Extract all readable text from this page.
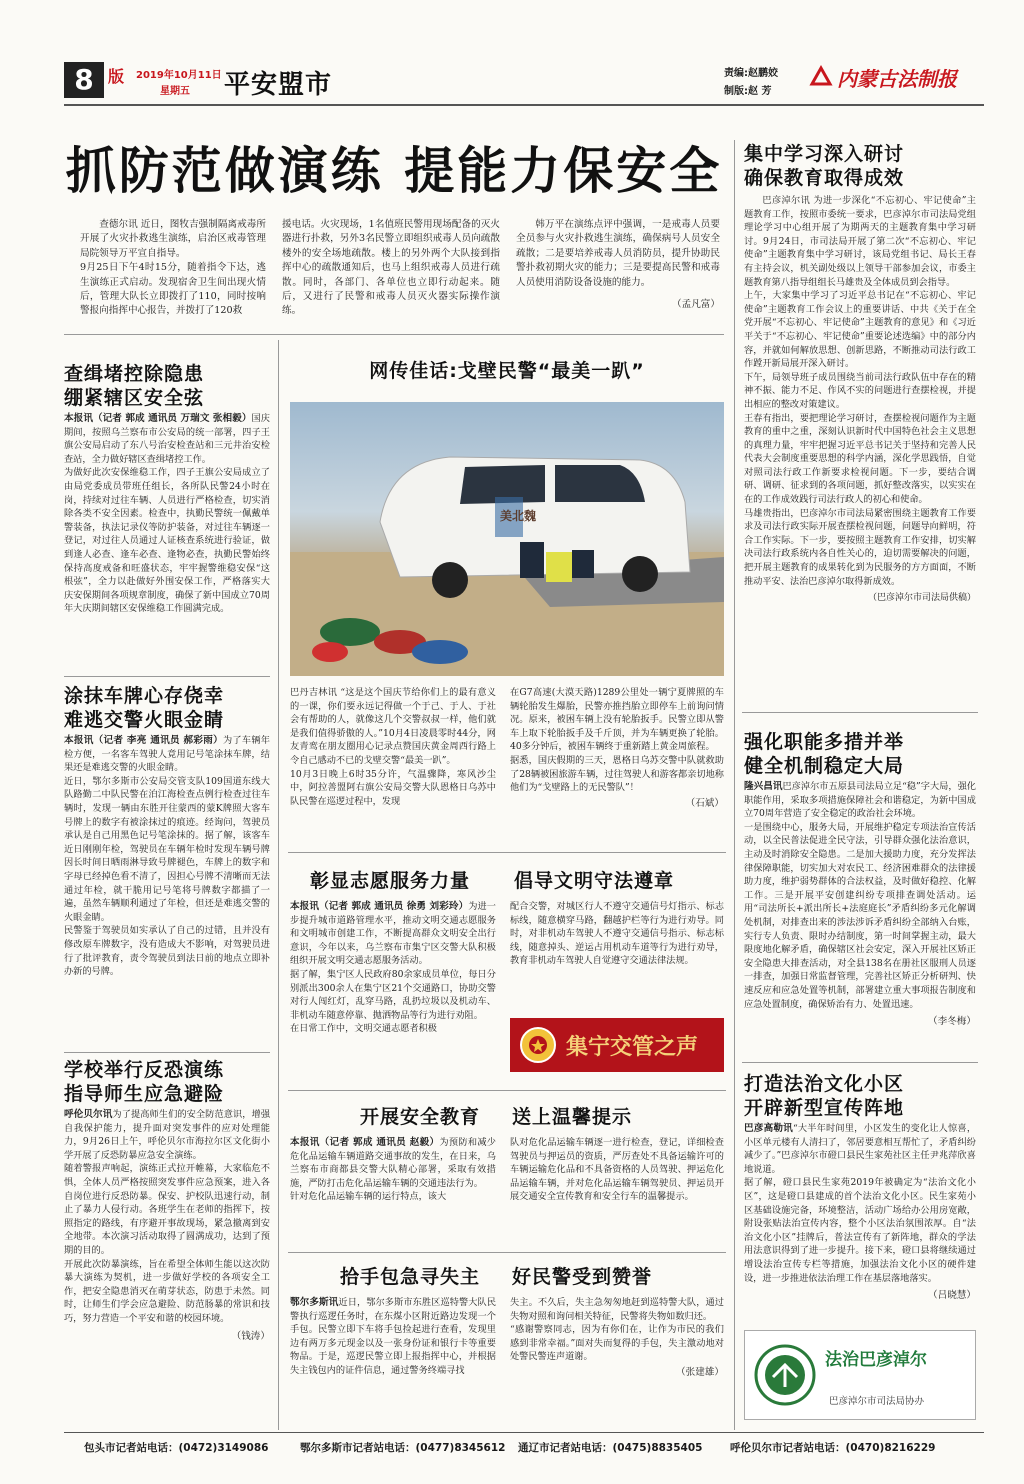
8 版 2019年10月11日
星期五 平安盟市	责编:赵鹏姣
制版:赵 芳
内蒙古法制报
抓防范做演练 提能力保安全

查德尔讯 近日，图牧吉强制隔离戒毒所开展了火灾扑救逃生演练，启治区戒毒管理局院领导万平宣自指导。
9月25日下午4时15分，随着指令下达，逃生演练正式启动。发现宿舍卫生间出现火情后，管理大队长立即拨打了110，同时按响警报向指挥中心报告，并拨打了120救

援电话。火灾现场，1名值班民警用现场配备的灭火器进行扑救，另外3名民警立即组织戒毒人员向疏散楼外的安全场地疏散。楼上的另外两个大队接到指挥中心的疏散通知后，也马上组织戒毒人员进行疏散。同时，各部门、各单位也立即行动起来。随后，又进行了民警和戒毒人员灭火器实际操作演练。

韩万平在演练点评中强调，一是戒毒人员要全员参与火灾扑救逃生演练，确保病号人员安全疏散；二是要培养戒毒人员消防员，提升协助民警扑救初期火灾的能力；三是要提高民警和戒毒人员使用消防设备设施的能力。

（孟凡富）
集中学习深入研讨
确保教育取得成效
巴彦淖尔讯 为进一步深化“不忘初心、牢记使命”主题教育工作，按照市委统一要求，巴彦淖尔市司法局党组理论学习中心组开展了为期两天的主题教育集中学习研讨。9月24日，市司法局开展了第二次“不忘初心、牢记使命”主题教育集中学习研讨，该局党组书记、局长王春有主持会议，机关副处级以上领导干部参加会议，市委主题教育第八指导组组长马雄贵及全体成员到会指导。
上午，大家集中学习了习近平总书记在“不忘初心、牢记使命”主题教育工作会议上的重要讲话、中共《关于在全党开展“不忘初心、牢记使命”主题教育的意见》和《习近平关于“不忘初心、牢记使命”重要论述选编》中的部分内容，并就如何解放思想、创新思路，不断推动司法行政工作蹚开新局展开深入研讨。
下午，局领导班子成员围绕当前司法行政队伍中存在的精神不振、能力不足、作风不实的问题进行查摆检视，并提出相应的整改对策建议。
王春有指出，要把理论学习研讨，查摆检视问题作为主题教育的重中之重，深刻认识新时代中国特色社会主义思想的真理力量，牢牢把握习近平总书记关于坚持和完善人民代表大会制度重要思想的科学内涵，深化学思践悟，自觉对照司法行政工作新要求检视问题。下一步，要结合调研、调研、征求到的各项问题，抓好整改落实，以实实在在的工作成效践行司法行政人的初心和使命。
马雄贵指出，巴彦淖尔市司法局紧密围绕主题教育工作要求及司法行政实际开展查摆检视问题，问题导向鲜明，符合工作实际。下一步，要按照主题教育工作安排，切实解决司法行政系统内各自性关心的，迫切需要解决的问题，把开展主题教育的成果转化到为民服务的方方面面，不断推动平安、法治巴彦淖尔取得新成效。
（巴彦淖尔市司法局供稿）
查缉堵控除隐患
绷紧辖区安全弦
本报讯（记者 郭成 通讯员 万瑞文 张相毅）国庆期间，按照乌兰察布市公安局的统一部署，四子王旗公安局启动了东八号治安检查站和三元井治安检查站，全力做好辖区查缉堵控工作。
为做好此次安保维稳工作，四子王旗公安局成立了由局党委成员带班任组长，各所队民警24小时在岗，持续对过往车辆、人员进行严格检查，切实消除各类不安全因素。检查中，执勤民警统一佩戴单警装备，执法记录仪等防护装备，对过往车辆逐一登记，对过往人员通过人证核查系统进行验证，做到逢人必查、逢车必查、逢物必查，执勤民警始终保持高度戒备和旺盛状态，牢牢握警维稳安保“这根弦”，全力以赴做好外围安保工作，严格落实大庆安保期间各项规章制度，确保了新中国成立70周年大庆期间辖区安保维稳工作圆满完成。
涂抹车牌心存侥幸
难逃交警火眼金睛
本报讯（记者 李亮 通讯员 郝彩雨）为了车辆年检方便，一名客车驾驶人竟用记号笔涂抹车牌，结果还是难逃交警的火眼金睛。
近日，鄂尔多斯市公安局交管支队109国道东线大队路勤二中队民警在泊江海检查点例行检查过往车辆时，发现一辆由东胜开往蒙西的蒙K牌照大客车号牌上的数字有被涂抹过的痕迹。经询问，驾驶员承认是自己用黑色记号笔涂抹的。据了解，该客车近日刚刚年检，驾驶员在车辆年检时发现车辆号牌因长时间日晒雨淋导致号牌褪色，车牌上的数字和字母已经掉色看不清了，因担心号牌不清晰而无法通过年检，就干脆用记号笔将号牌数字都描了一遍，虽然车辆顺利通过了年检，但还是难逃交警的火眼金睛。
民警鉴于驾驶员如实承认了自己的过错，且并没有修改原车牌数字，没有造成大不影响，对驾驶员进行了批评教育，责令驾驶员到法日前的地点立即补办新的号牌。
学校举行反恐演练
指导师生应急避险
呼伦贝尔讯为了提高师生们的安全防范意识，增强自我保护能力，提升面对突发事件的应对处理能力，9月26日上午，呼伦贝尔市海拉尔区文化街小学开展了反恐防暴应急安全演练。
随着警报声响起，演练正式拉开帷幕，大家临危不惧，全体人员严格按照突发事件应急预案，进入各自岗位进行反恐防暴。保安、护校队迅速行动，制止了暴力人侵行动。各班学生在老师的指挥下，按照指定的路线，有序避开事故现场，紧急撤离到安全地带。本次演习活动取得了圆满成功，达到了预期的目的。
开展此次防暴演练，旨在希望全体师生能以这次防暴大演练为契机，进一步做好学校的各项安全工作，把安全隐患消灭在萌芽状态，防患于未然。同时，让师生们学会应急避险、防范肠暴的常识和技巧，努力营造一个平安和谐的校园环境。
（钱涛）
网传佳话:戈壁民警“最美一趴”
美北魏
巴丹吉林讯 “这是这个国庆节给你们上的最有意义的一课，你们要永远记得做一个于己、于人、于社会有帮助的人，就像这几个交警叔叔一样，他们就是我们值得骄傲的人。”10月4日凌晨零时44分，网友青鸾在朋友圈用心记录点赞国庆黄金周西行路上令自己感动不已的戈壁交警“最美一趴”。
10月3日晚上6时35分许，气温骤降，寒风沙尘中，阿拉善盟阿右旗公安局交警大队恩格日乌苏中队民警在巡逻过程中，发现
在G7高速(大漠天路)1289公里处一辆宁夏牌照的车辆轮胎发生爆胎，民警亦推挡胎立即停车上前询问情况。原来，被困车辆上没有轮胎扳手。民警立即从警车上取下轮胎扳手及千斤顶，并为车辆更换了轮胎。40多分钟后，被困车辆终于重新踏上黄金周旅程。
据悉，国庆假期的三天，恩格日乌苏交警中队就救助了28辆被困旅游车辆，过往驾驶人和游客都亲切地称他们为“戈壁路上的无民警队”！
（石斌）
彰显志愿服务力量 倡导文明守法遵章
本报讯（记者 郭成 通讯员 徐勇 刘彩玲）为进一步提升城市道路管理水平，推动文明交通志愿服务和文明城市创建工作，不断提高群众文明安全出行意识，今年以来，乌兰察布市集宁区交警大队积极组织开展文明交通志愿服务活动。
据了解，集宁区人民政府80余家成员单位，每日分别派出300余人在集宁区21个交通路口，协助交警对行人闯红灯，乱穿马路，乱扔垃圾以及机动车、非机动车随意停靠、抛洒物品等行为进行劝阻。
在日常工作中，文明交通志愿者积极
配合交警，对城区行人不遵守交通信号灯指示、标志标线，随意横穿马路，翻越护栏等行为进行劝导。同时，对非机动车驾驶人不遵守交通信号指示、标志标线，随意掉头、逆运占用机动车道等行为进行劝导，教育非机动车驾驶人自觉遵守交通法律法规。
集宁交管之声
开展安全教育 送上温馨提示
本报讯（记者 郭成 通讯员 赵毅）为预防和减少危化品运输车辆道路交通事故的发生，在日来，乌兰察布市商都县交警大队精心部署，采取有效措施，严防打击危化品运输车辆的交通违法行为。
针对危化品运输车辆的运行特点，该大
队对危化品运输车辆逐一进行检查，登记，详细检查驾驶员与押运员的资质，严厉查处不具备运输许可的车辆运输危化品和不具备资格的人员驾驶、押运危化品运输车辆，并对危化品运输车辆驾驶员、押运员开展交通安全宣传教育和安全行车的温馨提示。
拾手包急寻失主 好民警受到赞誉
鄂尔多斯讯近日，鄂尔多斯市东胜区巡特警大队民警执行巡逻任务时，在东煤小区附近路边发现一个手包。民警立即下车将手包捡起进行查看，发现里边有两万多元现金以及一张身份证和银行卡等重要物品。于是，巡逻民警立即上报指挥中心，并根据失主钱包内的证件信息，通过警务终端寻找
失主。不久后，失主急匆匆地赶到巡特警大队，通过失物对照和询问相关特征，民警将失物如数归还。
“感谢警察同志，因为有你们在，让作为市民的我们感到非常幸福。”面对失而复得的手包，失主激动地对处警民警连声道谢。
（张建雄）
强化职能多措并举
健全机制稳定大局
隆兴昌讯巴彦淖尔市五原县司法局立足“稳”字大局，强化职能作用，采取多项措施保障社会和谐稳定，为新中国成立70周年营造了安全稳定的政治社会环境。
一是围绕中心，服务大局，开展维护稳定专项法治宣传活动，以全民普法促进全民守法，引导群众强化法治意识，主动及时消除安全隐患。二是加大援助力度，充分发挥法律保障职能，切实加大对农民工、经济困难群众的法律援助力度，维护弱势群体的合法权益，及时做好稳控、化解工作。三是开展平安创建纠纷专项排查调处活动。运用“司法所长+派出所长+法庭庭长”矛盾纠纷多元化解调处机制，对排查出来的涉法涉诉矛盾纠纷全部纳入台账，实行专人负责、限时办结制度，第一时间掌握主动，最大限度地化解矛盾，确保辖区社会安定，深入开展社区矫正安全隐患大排查活动，对全县138名在册社区服刑人员逐一排查，加强日常监督管理，完善社区矫正分析研判、快速反应和应急处置等机制，部署建立重大事项报告制度和应急处置制度，确保矫治有力、处置迅速。
（李冬梅）
打造法治文化小区
开辟新型宣传阵地
巴彦高勒讯“大半年时间里，小区发生的变化让人惊喜，小区单元楼有人清扫了，邻居要意相互帮忙了，矛盾纠纷减少了。”巴彦淖尔市磴口县民生家苑社区主任尹兆萍欣喜地说道。
据了解，磴口县民生家苑2019年被确定为“法治文化小区”，这是磴口县建成的首个法治文化小区。民生家苑小区基础设施完备，环境整洁，活动广场给办公用房宽敞，附设张贴法治宣传内容，整个小区法治氛围浓厚。自“法治文化小区”挂牌后，普法宣传有了新阵地，群众的学法用法意识得到了进一步提升。接下来，磴口县将继续通过增设法治宣传专栏等措施，加强法治文化小区的硬件建设，进一步推进依法治理工作在基层落地落实。
（吕晓慧）
法治巴彦淖尔
巴彦淖尔市司法局协办
包头市记者站电话：(0472)3149086	鄂尔多斯市记者站电话：(0477)8345612 通辽市记者站电话：(0475)8835405	呼伦贝尔市记者站电话：(0470)8216229
